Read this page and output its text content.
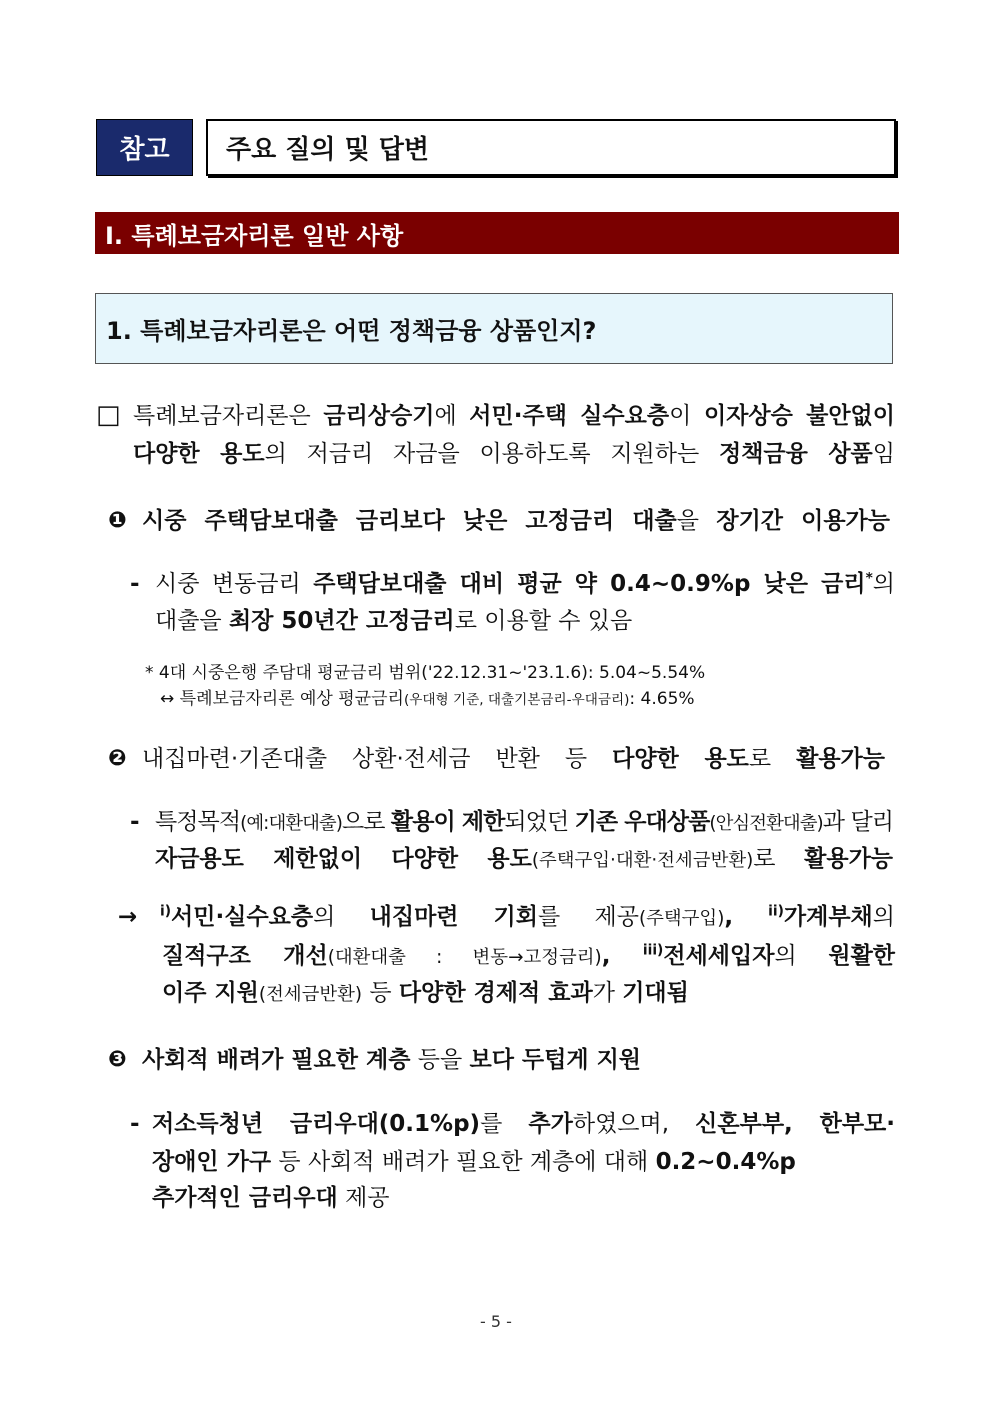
참고	주요 질의 및 답변
Ⅰ. 특례보금자리론 일반 사항
1. 특례보금자리론은 어떤 정책금융 상품인지?
□
❶
-
❷
-
→
❸
-
특례보금자리론은 금리상승기에 서민·주택 실수요층이 이자상승 불안없이
다양한 용도의 저금리 자금을 이용하도록 지원하는 정책금융 상품임
시중 주택담보대출 금리보다 낮은 고정금리 대출을 장기간 이용가능
시중 변동금리 주택담보대출 대비 평균 약 0.4~0.9%p 낮은 금리*의
대출을 최장 50년간 고정금리로 이용할 수 있음
* 4대 시중은행 주담대 평균금리 범위('22.12.31~'23.1.6): 5.04~5.54%
↔ 특례보금자리론 예상 평균금리(우대형 기준, 대출기본금리-우대금리): 4.65%
내집마련·기존대출 상환·전세금 반환 등 다양한 용도로 활용가능
특정목적(예:대환대출)으로 활용이 제한되었던 기존 우대상품(안심전환대출)과 달리
자금용도 제한없이 다양한 용도(주택구입·대환·전세금반환)로 활용가능
$^{i)}$서민·실수요층의 내집마련 기회를 제공(주택구입), $^{ii)}$가계부채의
질적구조 개선(대환대출 : 변동→고정금리), $^{iii)}$전세세입자의 원활한
이주 지원(전세금반환) 등 다양한 경제적 효과가 기대됨
사회적 배려가 필요한 계층 등을 보다 두텁게 지원
저소득청년 금리우대(0.1%p)를 추가하였으며, 신혼부부, 한부모·
장애인 가구 등 사회적 배려가 필요한 계층에 대해 0.2~0.4%p
추가적인 금리우대 제공
- 5 -
